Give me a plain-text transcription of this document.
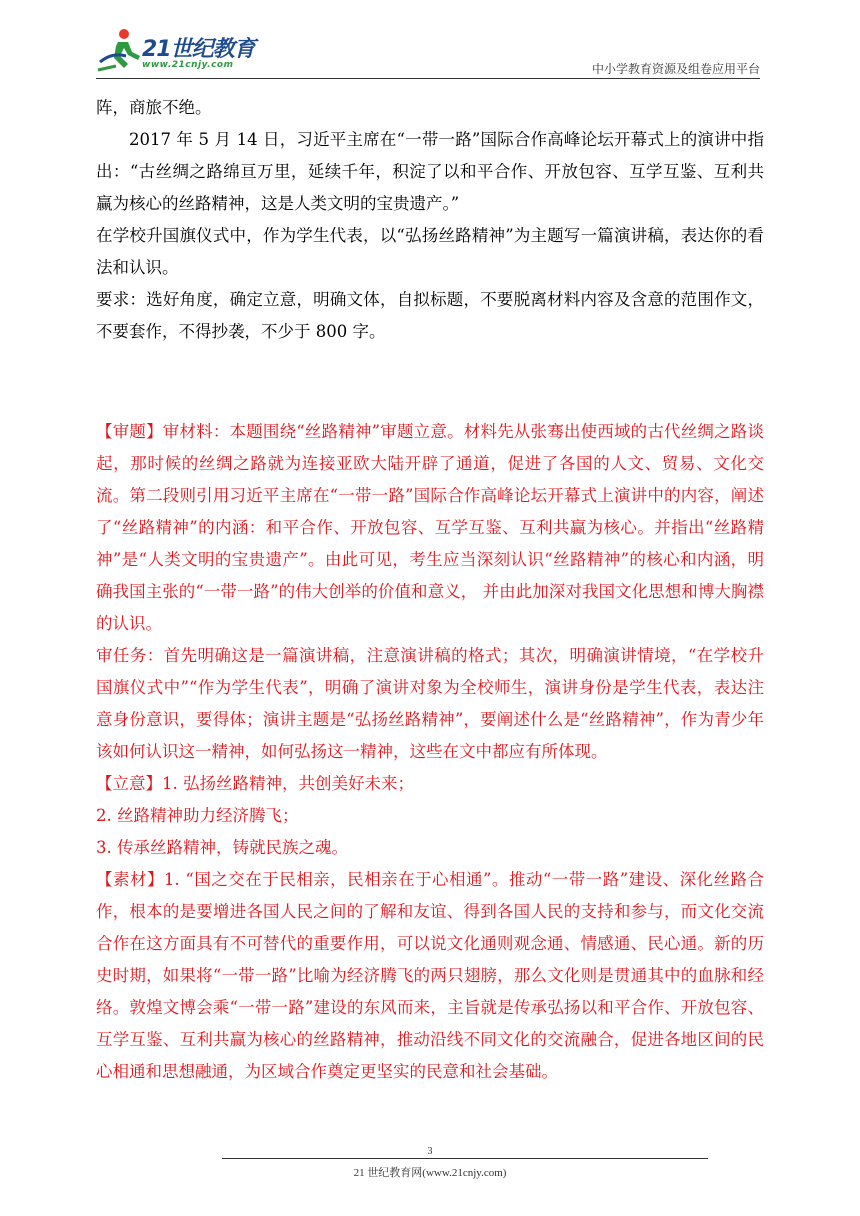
21世纪教育
www.21cnjy.com	中小学教育资源及组卷应用平台

阵，商旅不绝。

2017 年 5 月 14 日，习近平主席在“一带一路”国际合作高峰论坛开幕式上的演讲中指出：“古丝绸之路绵亘万里，延续千年，积淀了以和平合作、开放包容、互学互鉴、互利共赢为核心的丝路精神，这是人类文明的宝贵遗产。”

在学校升国旗仪式中，作为学生代表，以“弘扬丝路精神”为主题写一篇演讲稿，表达你的看法和认识。

要求：选好角度，确定立意，明确文体，自拟标题，不要脱离材料内容及含意的范围作文，不要套作，不得抄袭，不少于 800 字。

【审题】审材料：本题围绕“丝路精神”审题立意。材料先从张骞出使西域的古代丝绸之路谈起，那时候的丝绸之路就为连接亚欧大陆开辟了通道，促进了各国的人文、贸易、文化交流。第二段则引用习近平主席在“一带一路”国际合作高峰论坛开幕式上演讲中的内容，阐述了“丝路精神”的内涵：和平合作、开放包容、互学互鉴、互利共赢为核心。并指出“丝路精神”是“人类文明的宝贵遗产”。由此可见，考生应当深刻认识“丝路精神”的核心和内涵，明确我国主张的“一带一路”的伟大创举的价值和意义， 并由此加深对我国文化思想和博大胸襟的认识。

审任务：首先明确这是一篇演讲稿，注意演讲稿的格式；其次，明确演讲情境，“在学校升国旗仪式中”“作为学生代表”，明确了演讲对象为全校师生，演讲身份是学生代表，表达注意身份意识，要得体；演讲主题是“弘扬丝路精神”，要阐述什么是“丝路精神”，作为青少年该如何认识这一精神，如何弘扬这一精神，这些在文中都应有所体现。

【立意】1. 弘扬丝路精神，共创美好未来；

2. 丝路精神助力经济腾飞；

3. 传承丝路精神，铸就民族之魂。

【素材】1. “国之交在于民相亲，民相亲在于心相通”。推动“一带一路”建设、深化丝路合作，根本的是要增进各国人民之间的了解和友谊、得到各国人民的支持和参与，而文化交流合作在这方面具有不可替代的重要作用，可以说文化通则观念通、情感通、民心通。新的历史时期，如果将“一带一路”比喻为经济腾飞的两只翅膀，那么文化则是贯通其中的血脉和经络。敦煌文博会乘“一带一路”建设的东风而来，主旨就是传承弘扬以和平合作、开放包容、互学互鉴、互利共赢为核心的丝路精神，推动沿线不同文化的交流融合，促进各地区间的民心相通和思想融通，为区域合作奠定更坚实的民意和社会基础。

3
21 世纪教育网(www.21cnjy.com)
